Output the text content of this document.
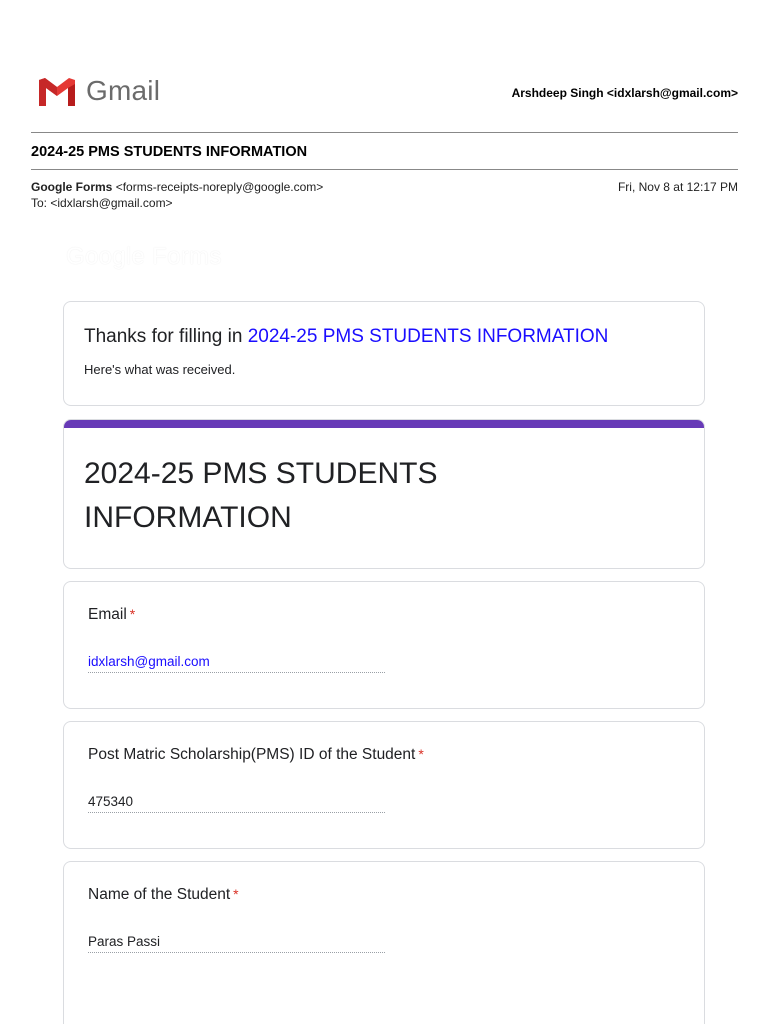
Gmail	Arshdeep Singh <idxlarsh@gmail.com>
2024-25 PMS STUDENTS INFORMATION
Google Forms <forms-receipts-noreply@google.com>
To: <idxlarsh@gmail.com>
Fri, Nov 8 at 12:17 PM
Google Forms
Thanks for filling in 2024-25 PMS STUDENTS INFORMATION
Here's what was received.
2024-25 PMS STUDENTS INFORMATION
Email *
idxlarsh@gmail.com
Post Matric Scholarship(PMS) ID of the Student *
475340
Name of the Student *
Paras Passi
